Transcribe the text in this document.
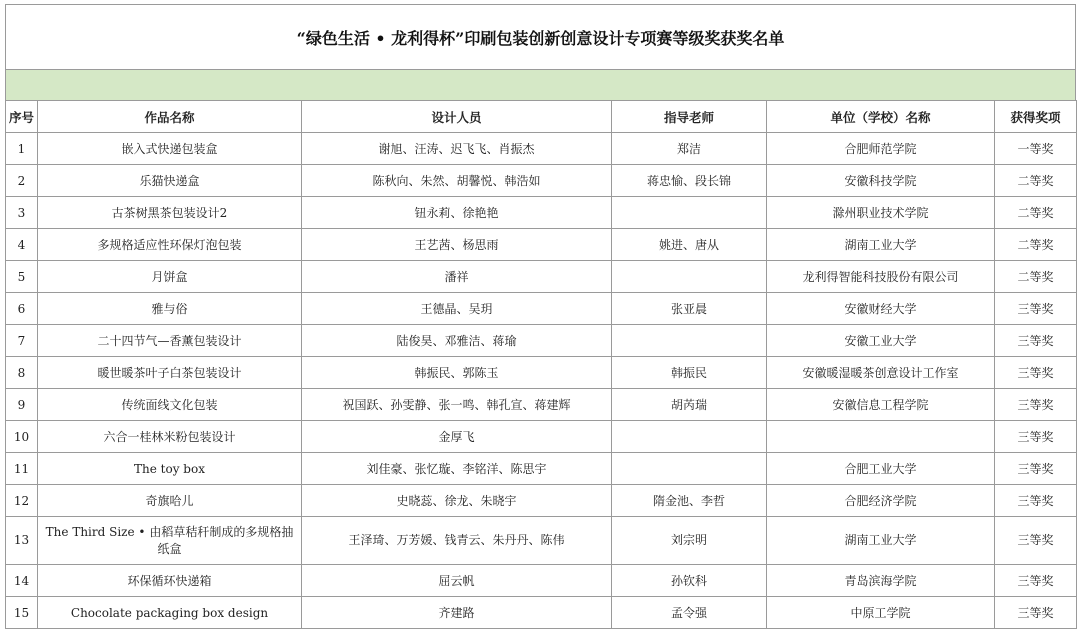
“绿色生活 • 龙利得杯”印刷包装创新创意设计专项赛等级奖获奖名单
序号	作品名称	设计人员	指导老师	单位（学校）名称	获得奖项
1	嵌入式快递包装盒	谢旭、汪涛、迟飞飞、肖振杰	郑洁	合肥师范学院	一等奖
2	乐猫快递盒	陈秋向、朱然、胡馨悦、韩浩如	蒋忠愉、段长锦	安徽科技学院	二等奖
3	古茶树黑茶包装设计2	钮永莉、徐艳艳		滁州职业技术学院	二等奖
4	多规格适应性环保灯泡包装	王艺茜、杨思雨	姚进、唐从	湖南工业大学	二等奖
5	月饼盒	潘祥		龙利得智能科技股份有限公司	二等奖
6	雅与俗	王德晶、吴玥	张亚晨	安徽财经大学	三等奖
7	二十四节气—香薰包装设计	陆俊昊、邓雅洁、蒋瑜		安徽工业大学	三等奖
8	暖世暖茶叶子白茶包装设计	韩振民、郭陈玉	韩振民	安徽暖湿暖茶创意设计工作室	三等奖
9	传统面线文化包装	祝国跃、孙雯静、张一鸣、韩孔宣、蒋建辉	胡芮瑞	安徽信息工程学院	三等奖
10	六合一桂林米粉包装设计	金厚飞			三等奖
11	The toy box	刘佳豪、张忆璇、李铭洋、陈思宇		合肥工业大学	三等奖
12	奇旗哈儿	史晓蕊、徐龙、朱晓宇	隋金池、李哲	合肥经济学院	三等奖
13	The Third Size • 由稻草秸秆制成的多规格抽纸盒	王泽琦、万芳媛、钱青云、朱丹丹、陈伟	刘宗明	湖南工业大学	三等奖
14	环保循环快递箱	屈云帆	孙钦科	青岛滨海学院	三等奖
15	Chocolate packaging box design	齐建路	孟令强	中原工学院	三等奖
